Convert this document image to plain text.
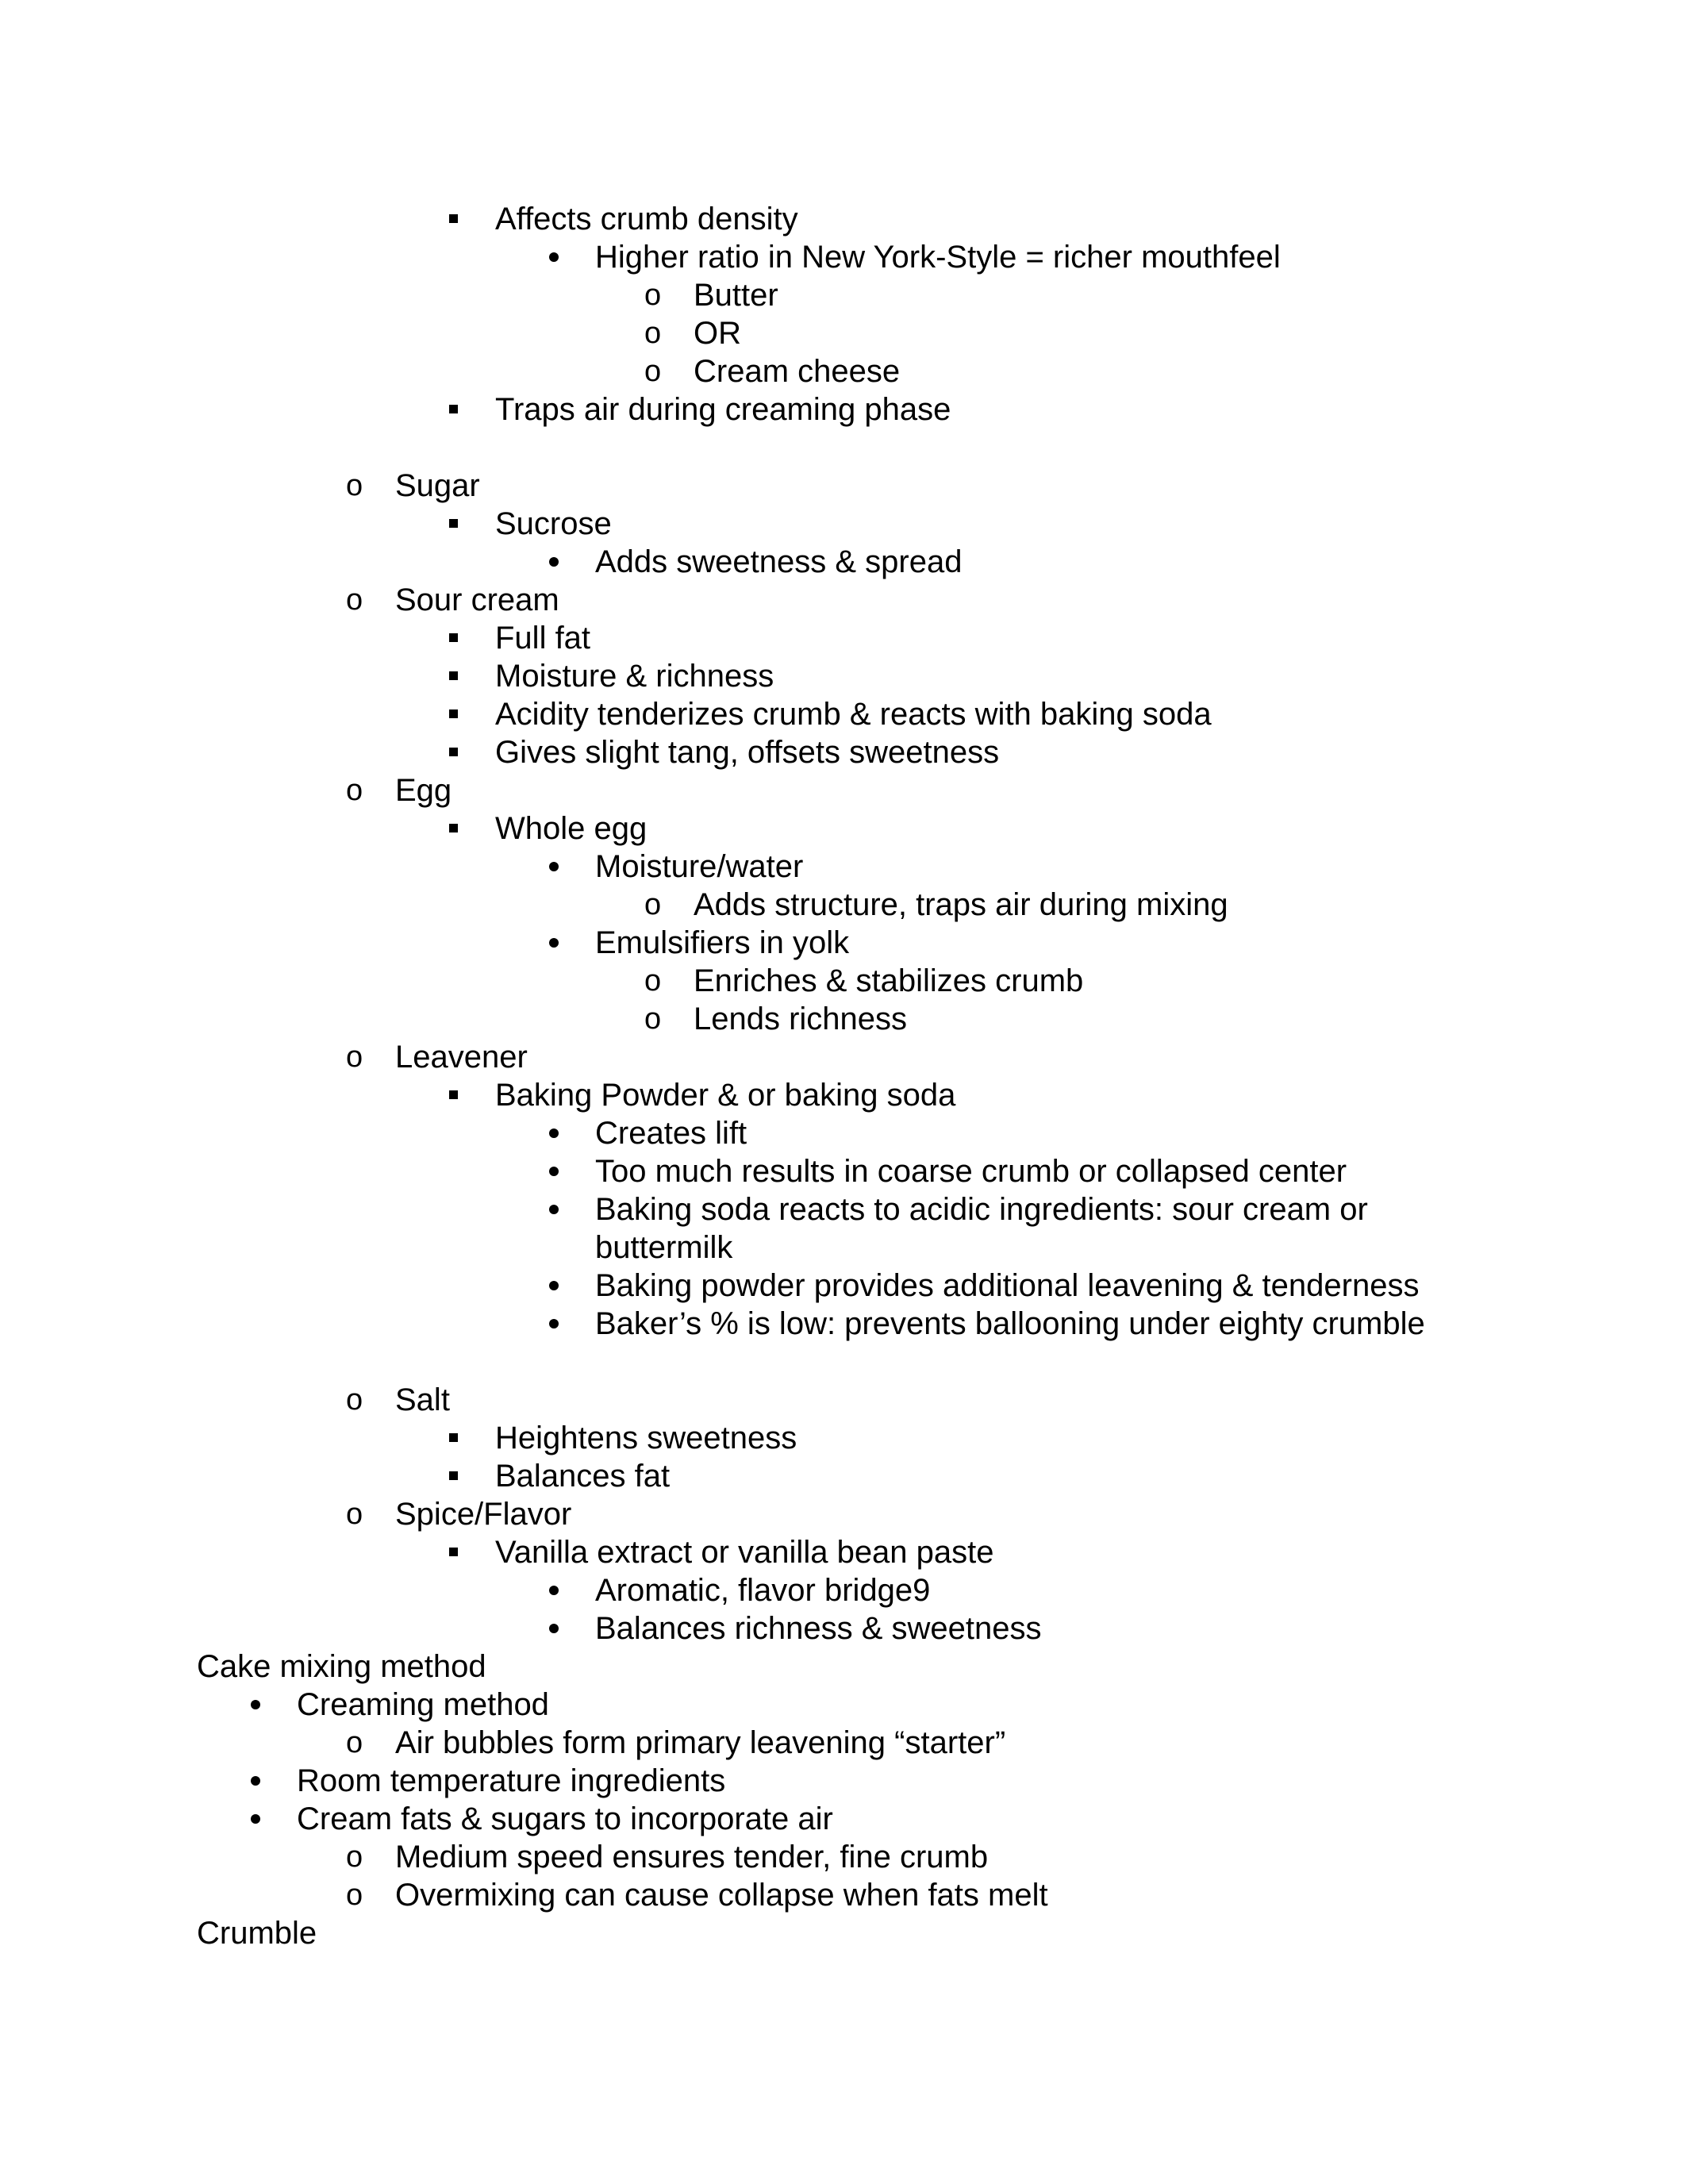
Affects crumb density
Higher ratio in New York-Style = richer mouthfeel
o Butter
o OR
o Cream cheese
Traps air during creaming phase
o Sugar
Sucrose
Adds sweetness & spread
o Sour cream
Full fat
Moisture & richness
Acidity tenderizes crumb & reacts with baking soda
Gives slight tang, offsets sweetness
o Egg
Whole egg
Moisture/water
o Adds structure, traps air during mixing
Emulsifiers in yolk
o Enriches & stabilizes crumb
o Lends richness
o Leavener
Baking Powder & or baking soda
Creates lift
Too much results in coarse crumb or collapsed center
Baking soda reacts to acidic ingredients: sour cream or
buttermilk
Baking powder provides additional leavening & tenderness
Baker’s % is low: prevents ballooning under eighty crumble
o Salt
Heightens sweetness
Balances fat
o Spice/Flavor
Vanilla extract or vanilla bean paste
Aromatic, flavor bridge9
Balances richness & sweetness
Cake mixing method
Creaming method
o Air bubbles form primary leavening “starter”
Room temperature ingredients
Cream fats & sugars to incorporate air
o Medium speed ensures tender, fine crumb
o Overmixing can cause collapse when fats melt
Crumble
